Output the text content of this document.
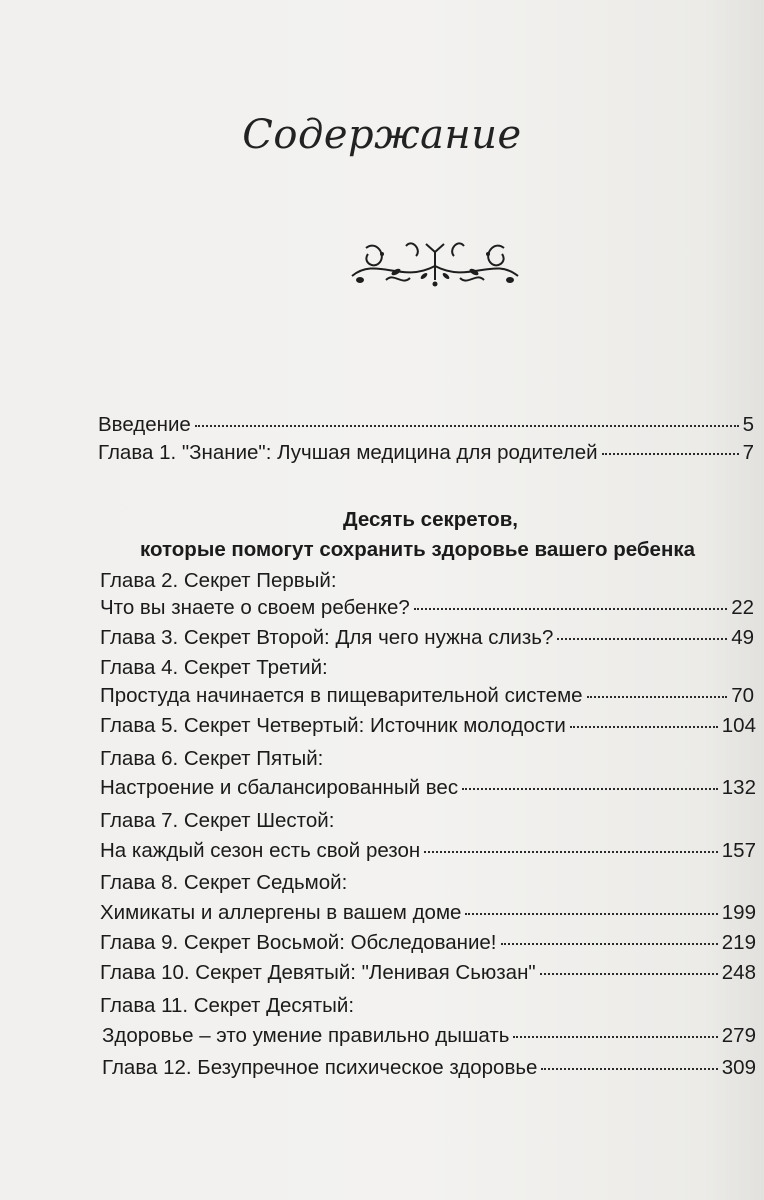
Содержание
Введение	5
Глава 1. "Знание": Лучшая медицина для родителей	7
Десять секретов,
которые помогут сохранить здоровье вашего ребенка
Глава 2. Секрет Первый:
Что вы знаете о своем ребенке?	22
Глава 3. Секрет Второй: Для чего нужна слизь?	49
Глава 4. Секрет Третий:
Простуда начинается в пищеварительной системе	70
Глава 5. Секрет Четвертый: Источник молодости	104
Глава 6. Секрет Пятый:
Настроение и сбалансированный вес	132
Глава 7. Секрет Шестой:
На каждый сезон есть свой резон	157
Глава 8. Секрет Седьмой:
Химикаты и аллергены в вашем доме	199
Глава 9. Секрет Восьмой: Обследование!	219
Глава 10. Секрет Девятый: "Ленивая Сьюзан"	248
Глава 11. Секрет Десятый:
Здоровье – это умение правильно дышать	279
Глава 12. Безупречное психическое здоровье	309
